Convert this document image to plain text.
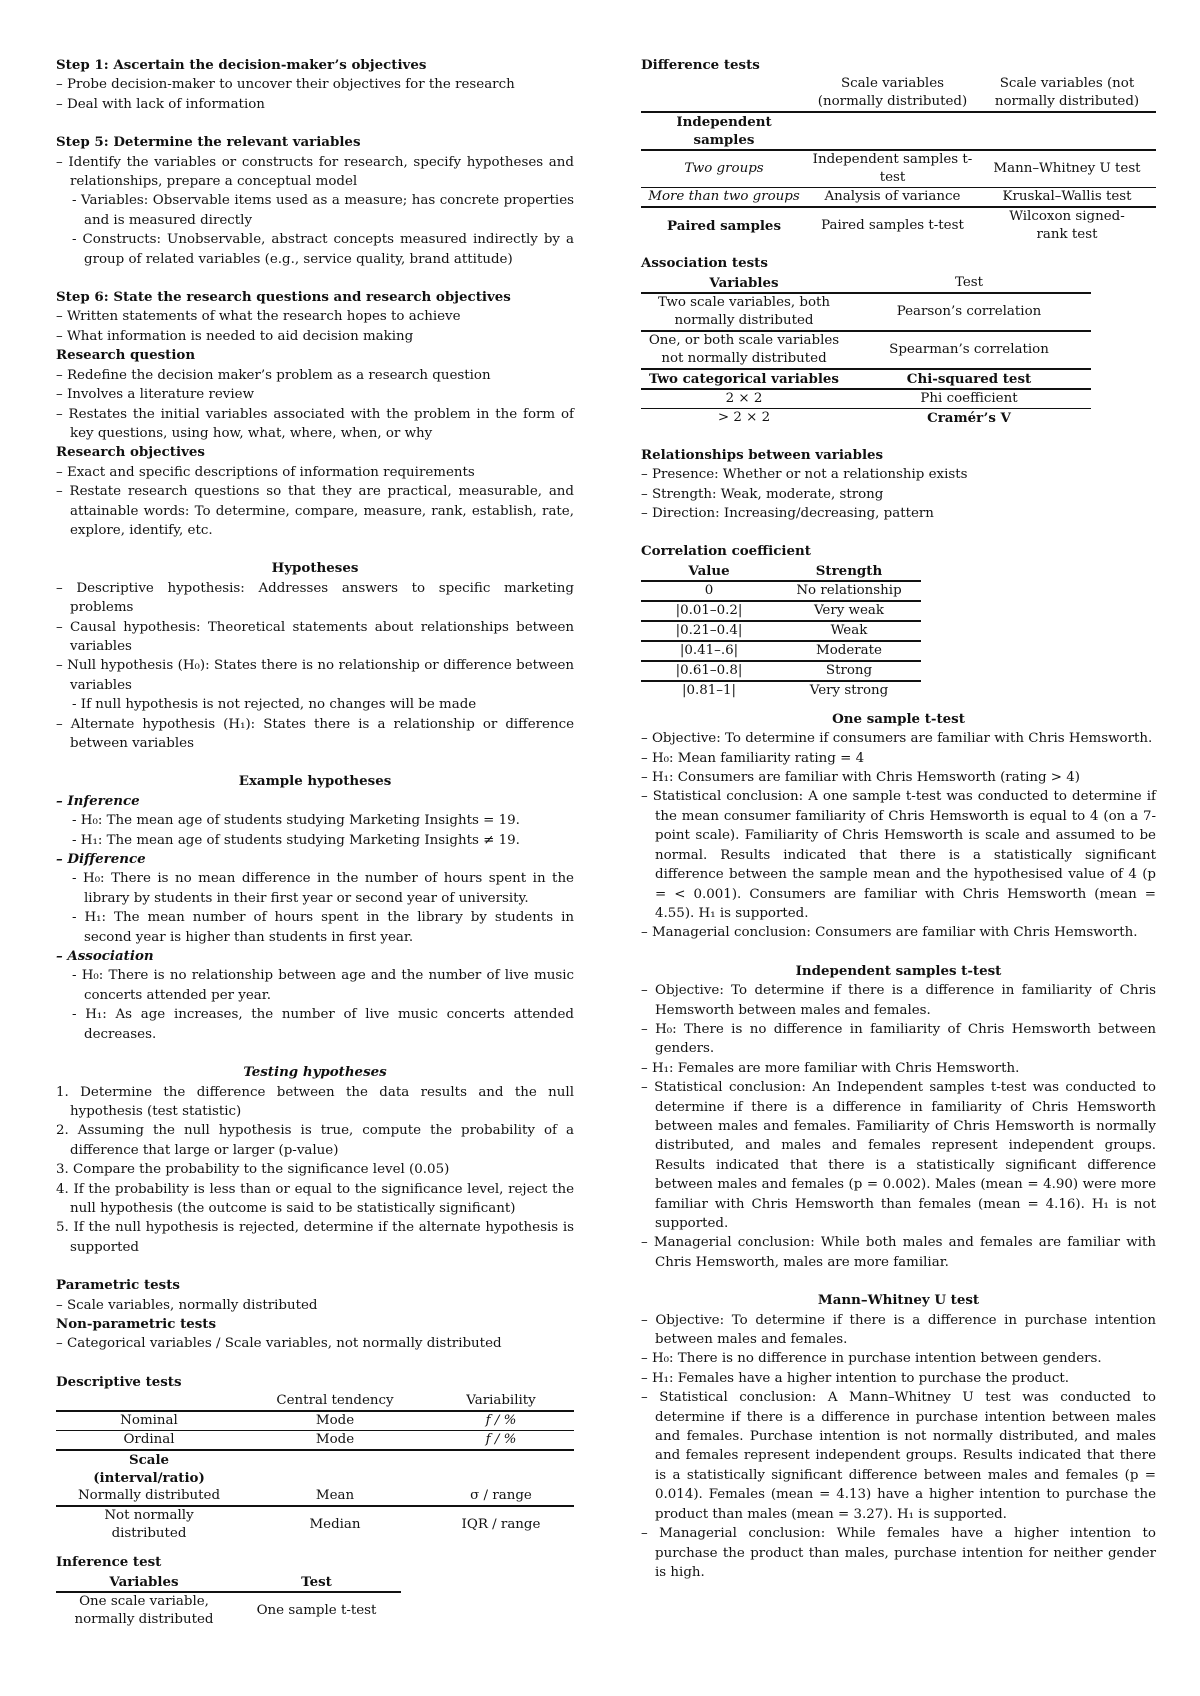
Step 1: Ascertain the decision-maker’s objectives

– Probe decision-maker to uncover their objectives for the research

– Deal with lack of information

Step 5: Determine the relevant variables

– Identify the variables or constructs for research, specify hypotheses and relationships, prepare a conceptual model

- Variables: Observable items used as a measure; has concrete properties and is measured directly

- Constructs: Unobservable, abstract concepts measured indirectly by a group of related variables (e.g., service quality, brand attitude)

Step 6: State the research questions and research objectives

– Written statements of what the research hopes to achieve

– What information is needed to aid decision making

Research question

– Redefine the decision maker’s problem as a research question

– Involves a literature review

– Restates the initial variables associated with the problem in the form of key questions, using how, what, where, when, or why

Research objectives

– Exact and specific descriptions of information requirements

– Restate research questions so that they are practical, measurable, and attainable words: To determine, compare, measure, rank, establish, rate, explore, identify, etc.

Hypotheses

– Descriptive hypothesis: Addresses answers to specific marketing problems

– Causal hypothesis: Theoretical statements about relationships between variables

– Null hypothesis (H₀): States there is no relationship or difference between variables

- If null hypothesis is not rejected, no changes will be made

– Alternate hypothesis (H₁): States there is a relationship or difference between variables

Example hypotheses

– Inference

- H₀: The mean age of students studying Marketing Insights = 19.

- H₁: The mean age of students studying Marketing Insights ≠ 19.

– Difference

- H₀: There is no mean difference in the number of hours spent in the library by students in their first year or second year of university.

- H₁: The mean number of hours spent in the library by students in second year is higher than students in first year.

– Association

- H₀: There is no relationship between age and the number of live music concerts attended per year.

- H₁: As age increases, the number of live music concerts attended decreases.

Testing hypotheses

1. Determine the difference between the data results and the null hypothesis (test statistic)

2. Assuming the null hypothesis is true, compute the probability of a difference that large or larger (p-value)

3. Compare the probability to the significance level (0.05)

4. If the probability is less than or equal to the significance level, reject the null hypothesis (the outcome is said to be statistically significant)

5. If the null hypothesis is rejected, determine if the alternate hypothesis is supported

Parametric tests

– Scale variables, normally distributed

Non-parametric tests

– Categorical variables / Scale variables, not normally distributed

Descriptive tests

	Central tendency	Variability
Nominal	Mode	f / %
Ordinal	Mode	f / %
Scale (interval/ratio)		
Normally distributed	Mean	σ / range
Not normally distributed	Median	IQR / range

Inference test

Variables	Test
One scale variable, normally distributed	One sample t-test

Difference tests

	Scale variables (normally distributed)	Scale variables (not normally distributed)
Independent samples		
Two groups	Independent samples t-test	Mann–Whitney U test
More than two groups	Analysis of variance	Kruskal–Wallis test
Paired samples	Paired samples t-test	Wilcoxon signed-rank test

Association tests

Variables	Test
Two scale variables, both normally distributed	Pearson’s correlation
One, or both scale variables not normally distributed	Spearman’s correlation
Two categorical variables	Chi-squared test
2 × 2	Phi coefficient
> 2 × 2	Cramér’s V

Relationships between variables

– Presence: Whether or not a relationship exists

– Strength: Weak, moderate, strong

– Direction: Increasing/decreasing, pattern

Correlation coefficient

Value	Strength
0	No relationship
|0.01–0.2|	Very weak
|0.21–0.4|	Weak
|0.41–.6|	Moderate
|0.61–0.8|	Strong
|0.81–1|	Very strong

One sample t-test

– Objective: To determine if consumers are familiar with Chris Hemsworth.

– H₀: Mean familiarity rating = 4

– H₁: Consumers are familiar with Chris Hemsworth (rating > 4)

– Statistical conclusion: A one sample t-test was conducted to determine if the mean consumer familiarity of Chris Hemsworth is equal to 4 (on a 7-point scale). Familiarity of Chris Hemsworth is scale and assumed to be normal. Results indicated that there is a statistically significant difference between the sample mean and the hypothesised value of 4 (p = < 0.001). Consumers are familiar with Chris Hemsworth (mean = 4.55). H₁ is supported.

– Managerial conclusion: Consumers are familiar with Chris Hemsworth.

Independent samples t-test

– Objective: To determine if there is a difference in familiarity of Chris Hemsworth between males and females.

– H₀: There is no difference in familiarity of Chris Hemsworth between genders.

– H₁: Females are more familiar with Chris Hemsworth.

– Statistical conclusion: An Independent samples t-test was conducted to determine if there is a difference in familiarity of Chris Hemsworth between males and females. Familiarity of Chris Hemsworth is normally distributed, and males and females represent independent groups. Results indicated that there is a statistically significant difference between males and females (p = 0.002). Males (mean = 4.90) were more familiar with Chris Hemsworth than females (mean = 4.16). H₁ is not supported.

– Managerial conclusion: While both males and females are familiar with Chris Hemsworth, males are more familiar.

Mann–Whitney U test

– Objective: To determine if there is a difference in purchase intention between males and females.

– H₀: There is no difference in purchase intention between genders.

– H₁: Females have a higher intention to purchase the product.

– Statistical conclusion: A Mann–Whitney U test was conducted to determine if there is a difference in purchase intention between males and females. Purchase intention is not normally distributed, and males and females represent independent groups. Results indicated that there is a statistically significant difference between males and females (p = 0.014). Females (mean = 4.13) have a higher intention to purchase the product than males (mean = 3.27). H₁ is supported.

– Managerial conclusion: While females have a higher intention to purchase the product than males, purchase intention for neither gender is high.
